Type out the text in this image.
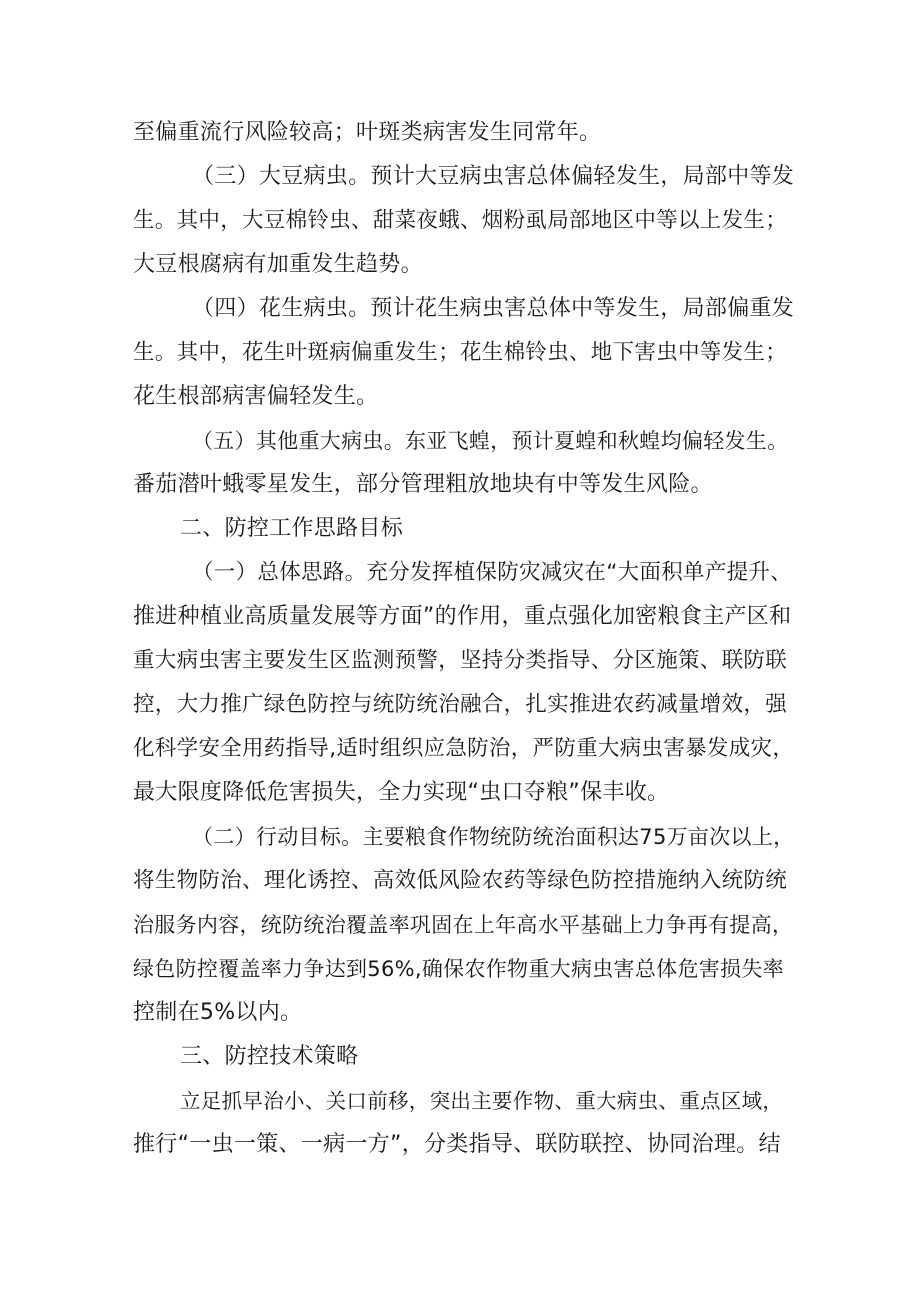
至偏重流行风险较高；叶斑类病害发生同常年。
（三）大豆病虫。预计大豆病虫害总体偏轻发生，局部中等发
生。其中，大豆棉铃虫、甜菜夜蛾、烟粉虱局部地区中等以上发生；
大豆根腐病有加重发生趋势。
（四）花生病虫。预计花生病虫害总体中等发生，局部偏重发
生。其中，花生叶斑病偏重发生；花生棉铃虫、地下害虫中等发生；
花生根部病害偏轻发生。
（五）其他重大病虫。东亚飞蝗，预计夏蝗和秋蝗均偏轻发生。
番茄潜叶蛾零星发生，部分管理粗放地块有中等发生风险。
二、防控工作思路目标
（一）总体思路。充分发挥植保防灾减灾在“大面积单产提升、
推进种植业高质量发展等方面”的作用，重点强化加密粮食主产区和
重大病虫害主要发生区监测预警，坚持分类指导、分区施策、联防联
控，大力推广绿色防控与统防统治融合，扎实推进农药减量增效，强
化科学安全用药指导,适时组织应急防治，严防重大病虫害暴发成灾，
最大限度降低危害损失，全力实现“虫口夺粮”保丰收。
（二）行动目标。主要粮食作物统防统治面积达75万亩次以上，
将生物防治、理化诱控、高效低风险农药等绿色防控措施纳入统防统
治服务内容，统防统治覆盖率巩固在上年高水平基础上力争再有提高，
绿色防控覆盖率力争达到56%,确保农作物重大病虫害总体危害损失率
控制在5%以内。
三、防控技术策略
立足抓早治小、关口前移，突出主要作物、重大病虫、重点区域，
推行“一虫一策、一病一方”，分类指导、联防联控、协同治理。结
